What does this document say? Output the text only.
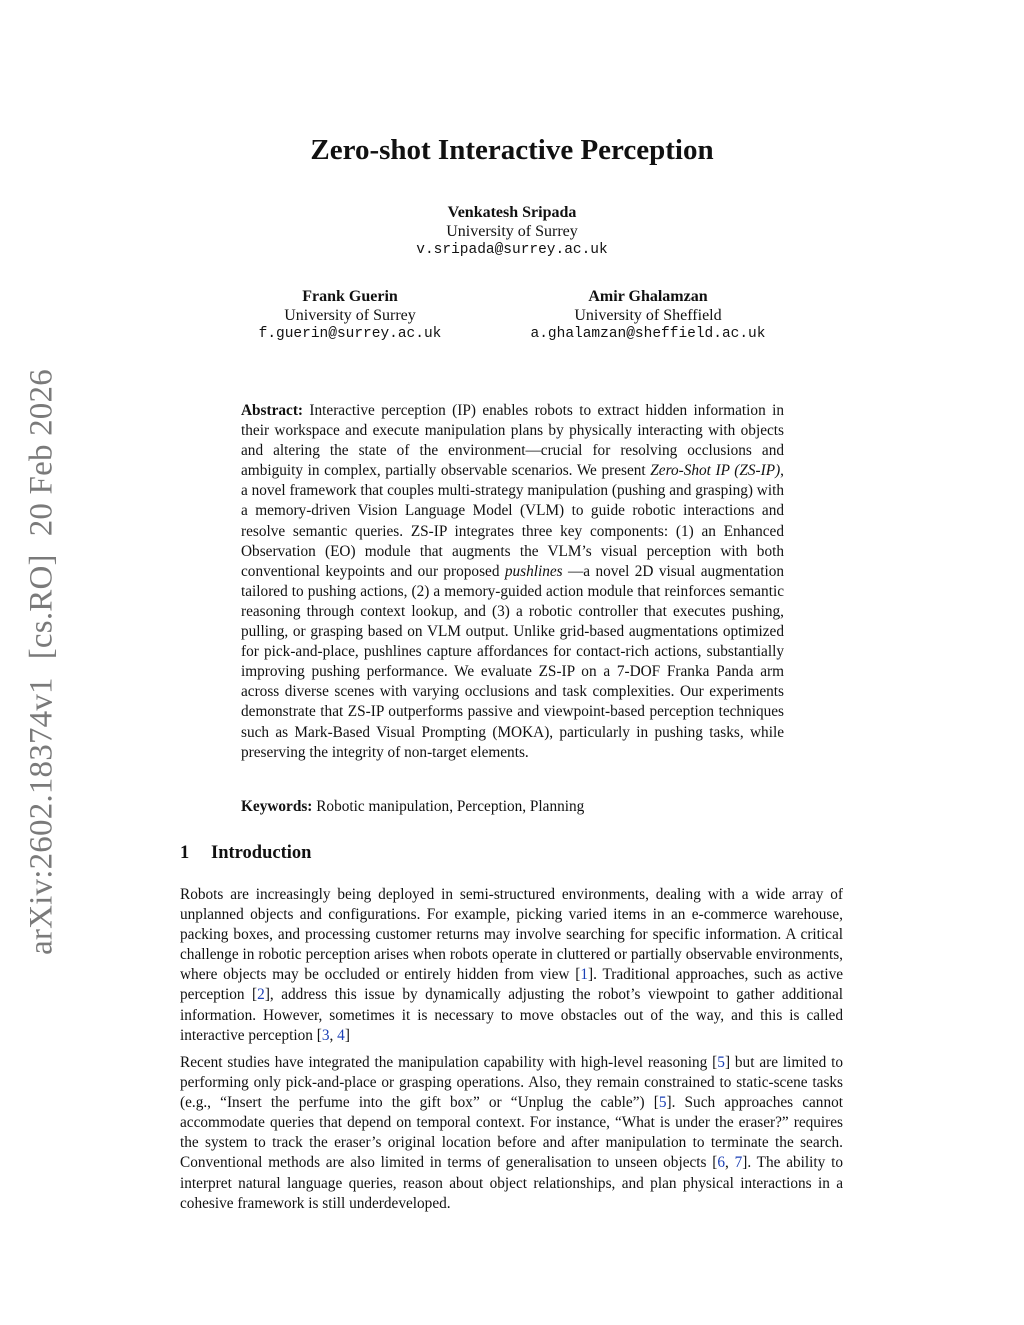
arXiv:2602.18374v1[cs.RO]20 Feb 2026
Zero-shot Interactive Perception
Venkatesh Sripada
University of Surrey
v.sripada@surrey.ac.uk
Frank Guerin
University of Surrey
f.guerin@surrey.ac.uk
Amir Ghalamzan
University of Sheffield
a.ghalamzan@sheffield.ac.uk

Abstract: Interactive perception (IP) enables robots to extract hidden information in their workspace and execute manipulation plans by physically interacting with objects and altering the state of the environment—crucial for resolving occlusions and ambiguity in complex, partially observable scenarios. We present Zero-Shot IP (ZS-IP), a novel framework that couples multi-strategy manipulation (pushing and grasping) with a memory-driven Vision Language Model (VLM) to guide robotic interactions and resolve semantic queries. ZS-IP integrates three key components: (1) an Enhanced Observation (EO) module that augments the VLM’s visual perception with both conventional keypoints and our proposed pushlines —a novel 2D visual augmentation tailored to pushing actions, (2) a memory-guided action module that reinforces semantic reasoning through context lookup, and (3) a robotic controller that executes pushing, pulling, or grasping based on VLM output. Unlike grid-based augmentations optimized for pick-and-place, pushlines capture affordances for contact-rich actions, substantially improving pushing performance. We evaluate ZS-IP on a 7-DOF Franka Panda arm across diverse scenes with varying occlusions and task complexities. Our experiments demonstrate that ZS-IP outperforms passive and viewpoint-based perception techniques such as Mark-Based Visual Prompting (MOKA), particularly in pushing tasks, while preserving the integrity of non-target elements.

Keywords: Robotic manipulation, Perception, Planning

1 Introduction

Robots are increasingly being deployed in semi-structured environments, dealing with a wide array of unplanned objects and configurations. For example, picking varied items in an e-commerce warehouse, packing boxes, and processing customer returns may involve searching for specific information. A critical challenge in robotic perception arises when robots operate in cluttered or partially observable environments, where objects may be occluded or entirely hidden from view [1]. Traditional approaches, such as active perception [2], address this issue by dynamically adjusting the robot’s viewpoint to gather additional information. However, sometimes it is necessary to move obstacles out of the way, and this is called interactive perception [3, 4]

Recent studies have integrated the manipulation capability with high-level reasoning [5] but are limited to performing only pick-and-place or grasping operations. Also, they remain constrained to static-scene tasks (e.g., “Insert the perfume into the gift box” or “Unplug the cable”) [5]. Such approaches cannot accommodate queries that depend on temporal context. For instance, “What is under the eraser?” requires the system to track the eraser’s original location before and after manipulation to terminate the search. Conventional methods are also limited in terms of generalisation to unseen objects [6, 7]. The ability to interpret natural language queries, reason about object relationships, and plan physical interactions in a cohesive framework is still underdeveloped.
